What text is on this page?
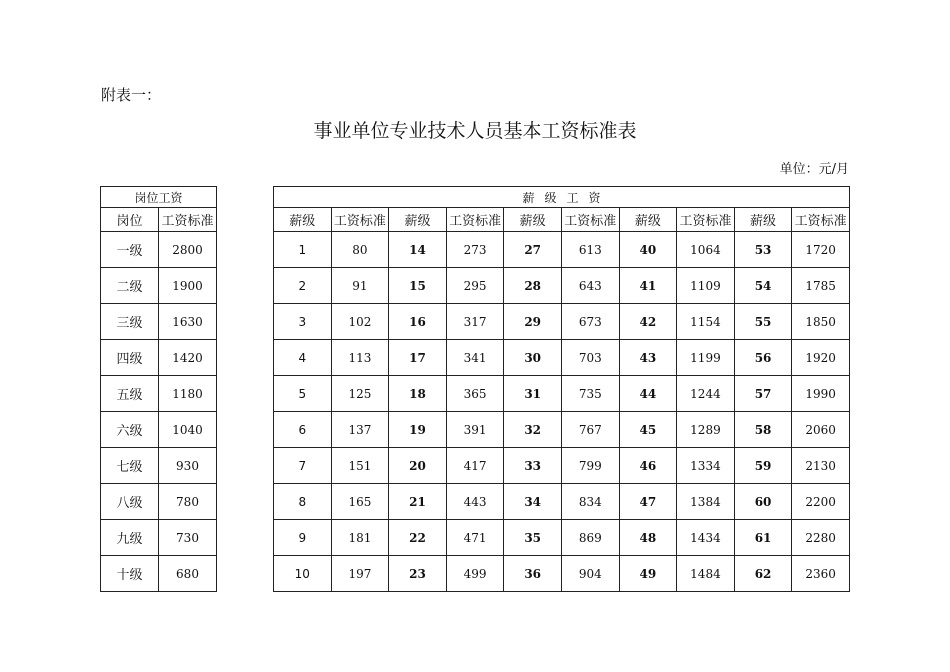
附表一：
事业单位专业技术人员基本工资标准表
单位：元/月
岗位工资	
岗位	工资标准
一级	2800
二级	1900
三级	1630
四级	1420
五级	1180
六级	1040
七级	930
八级	780
九级	730
十级	680
薪级工资									
薪级	工资标准	薪级	工资标准	薪级	工资标准	薪级	工资标准	薪级	工资标准
1	80	14	273	27	613	40	1064	53	1720
2	91	15	295	28	643	41	1109	54	1785
3	102	16	317	29	673	42	1154	55	1850
4	113	17	341	30	703	43	1199	56	1920
5	125	18	365	31	735	44	1244	57	1990
6	137	19	391	32	767	45	1289	58	2060
7	151	20	417	33	799	46	1334	59	2130
8	165	21	443	34	834	47	1384	60	2200
9	181	22	471	35	869	48	1434	61	2280
10	197	23	499	36	904	49	1484	62	2360
